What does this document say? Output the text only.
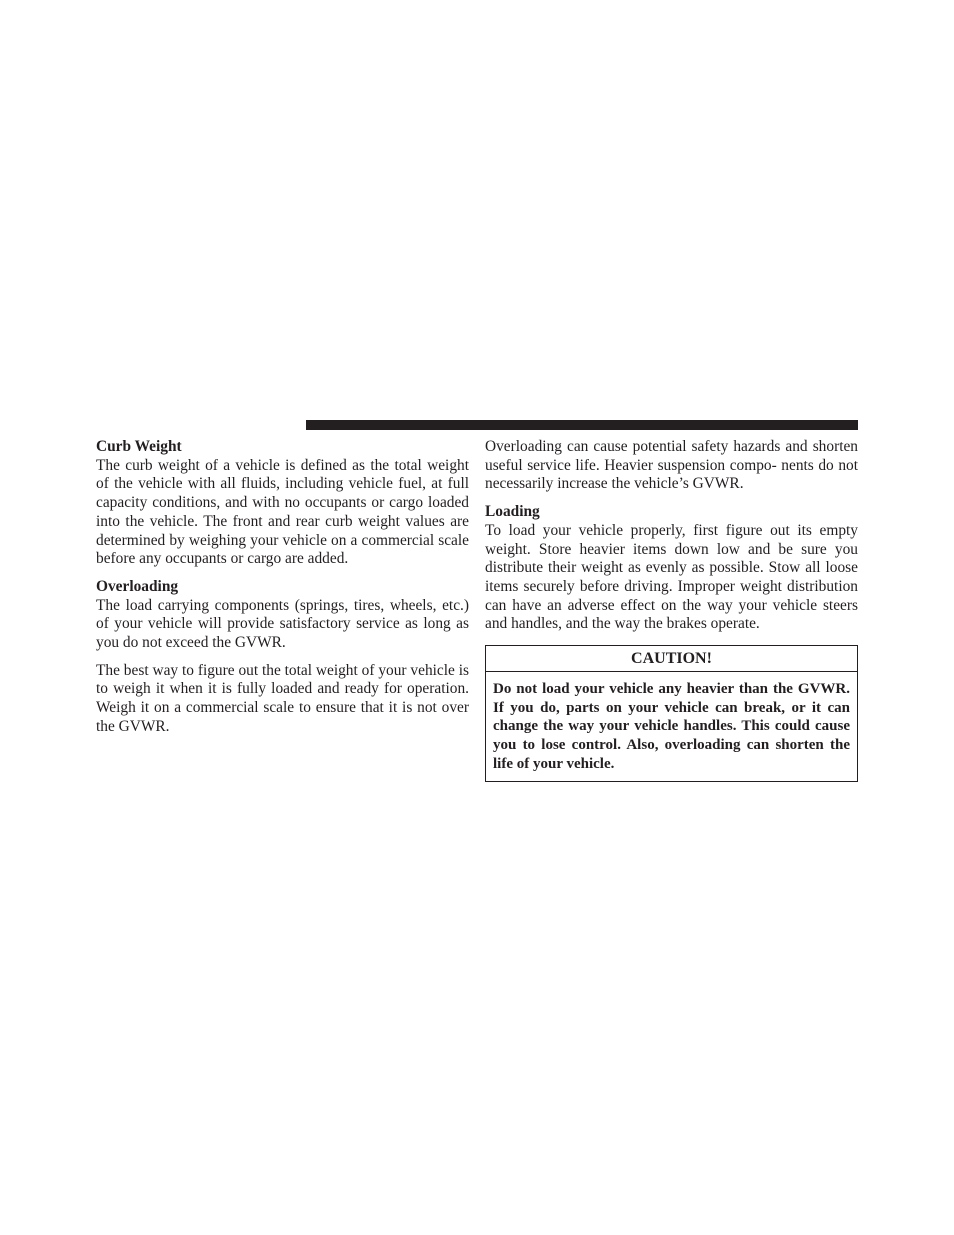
Curb Weight

The curb weight of a vehicle is defined as the total weight of the vehicle with all fluids, including vehicle fuel, at full capacity conditions, and with no occupants or cargo loaded into the vehicle. The front and rear curb weight values are determined by weighing your vehicle on a commercial scale before any occupants or cargo are added.

Overloading

The load carrying components (springs, tires, wheels, etc.) of your vehicle will provide satisfactory service as long as you do not exceed the GVWR.

The best way to figure out the total weight of your vehicle is to weigh it when it is fully loaded and ready for operation. Weigh it on a commercial scale to ensure that it is not over the GVWR.

Overloading can cause potential safety hazards and shorten useful service life. Heavier suspension compo- nents do not necessarily increase the vehicle’s GVWR.

Loading

To load your vehicle properly, first figure out its empty weight. Store heavier items down low and be sure you distribute their weight as evenly as possible. Stow all loose items securely before driving. Improper weight distribution can have an adverse effect on the way your vehicle steers and handles, and the way the brakes operate.

CAUTION!
Do not load your vehicle any heavier than the GVWR. If you do, parts on your vehicle can break, or it can change the way your vehicle handles. This could cause you to lose control. Also, overloading can shorten the life of your vehicle.
